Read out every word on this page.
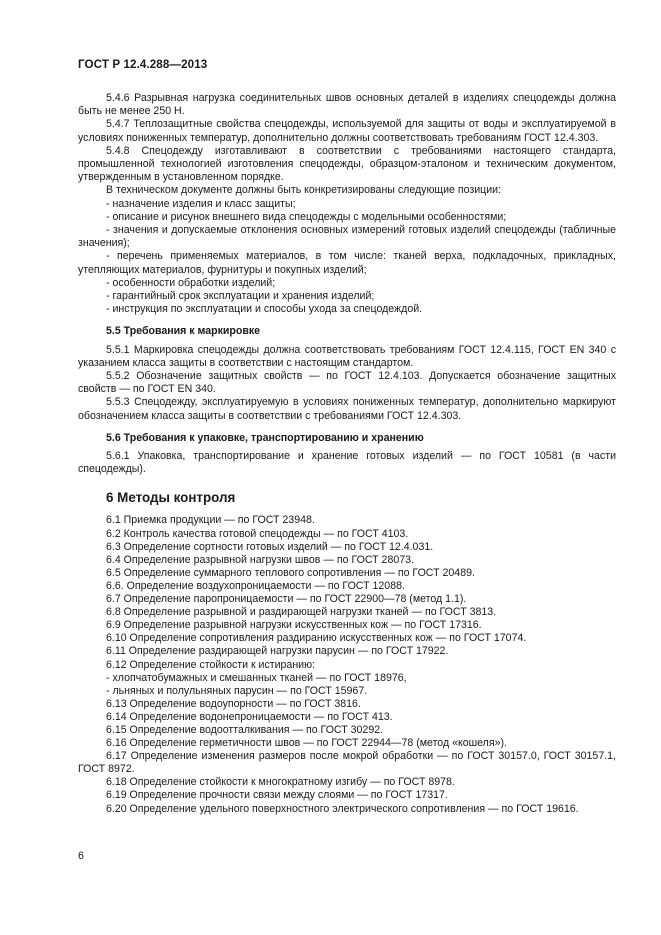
ГОСТ Р 12.4.288—2013

5.4.6 Разрывная нагрузка соединительных швов основных деталей в изделиях спецодежды должна быть не менее 250 Н.

5.4.7 Теплозащитные свойства спецодежды, используемой для защиты от воды и эксплуатируемой в условиях пониженных температур, дополнительно должны соответствовать требованиям ГОСТ 12.4.303.

5.4.8 Спецодежду изготавливают в соответствии с требованиями настоящего стандарта, промышленной технологией изготовления спецодежды, образцом-эталоном и техническим документом, утвержденным в установленном порядке.

В техническом документе должны быть конкретизированы следующие позиции:

- назначение изделия и класс защиты;

- описание и рисунок внешнего вида спецодежды с модельными особенностями;

- значения и допускаемые отклонения основных измерений готовых изделий спецодежды (табличные значения);

- перечень применяемых материалов, в том числе: тканей верха, подкладочных, прикладных, утепляющих материалов, фурнитуры и покупных изделий;

- особенности обработки изделий;

- гарантийный срок эксплуатации и хранения изделий;

- инструкция по эксплуатации и способы ухода за спецодеждой.

5.5 Требования к маркировке

5.5.1 Маркировка спецодежды должна соответствовать требованиям ГОСТ 12.4.115, ГОСТ EN 340 с указанием класса защиты в соответствии с настоящим стандартом.

5.5.2 Обозначение защитных свойств — по ГОСТ 12.4.103. Допускается обозначение защитных свойств — по ГОСТ EN 340.

5.5.3 Спецодежду, эксплуатируемую в условиях пониженных температур, дополнительно маркируют обозначением класса защиты в соответствии с требованиями ГОСТ 12.4.303.

5.6 Требования к упаковке, транспортированию и хранению

5.6.1 Упаковка, транспортирование и хранение готовых изделий — по ГОСТ 10581 (в части спецодежды).

6 Методы контроля

6.1 Приемка продукции — по ГОСТ 23948.

6.2 Контроль качества готовой спецодежды — по ГОСТ 4103.

6.3 Определение сортности готовых изделий — по ГОСТ 12.4.031.

6.4 Определение разрывной нагрузки швов — по ГОСТ 28073.

6.5 Определение суммарного теплового сопротивления — по ГОСТ 20489.

6.6. Определение воздухопроницаемости — по ГОСТ 12088.

6.7 Определение паропроницаемости — по ГОСТ 22900—78 (метод 1.1).

6.8 Определение разрывной и раздирающей нагрузки тканей — по ГОСТ 3813.

6.9 Определение разрывной нагрузки искусственных кож — по ГОСТ 17316.

6.10 Определение сопротивления раздиранию искусственных кож — по ГОСТ 17074.

6.11 Определение раздирающей нагрузки парусин — по ГОСТ 17922.

6.12 Определение стойкости к истиранию:

- хлопчатобумажных и смешанных тканей — по ГОСТ 18976,

- льняных и полульняных парусин — по ГОСТ 15967.

6.13 Определение водоупорности — по ГОСТ 3816.

6.14 Определение водонепроницаемости — по ГОСТ 413.

6.15 Определение водоотталкивания — по ГОСТ 30292.

6.16 Определение герметичности швов — по ГОСТ 22944—78 (метод «кошеля»).

6.17 Определение изменения размеров после мокрой обработки — по ГОСТ 30157.0, ГОСТ 30157.1, ГОСТ 8972.

6.18 Определение стойкости к многократному изгибу — по ГОСТ 8978.

6.19 Определение прочности связи между слоями — по ГОСТ 17317.

6.20 Определение удельного поверхностного электрического сопротивления — по ГОСТ 19616.

6
